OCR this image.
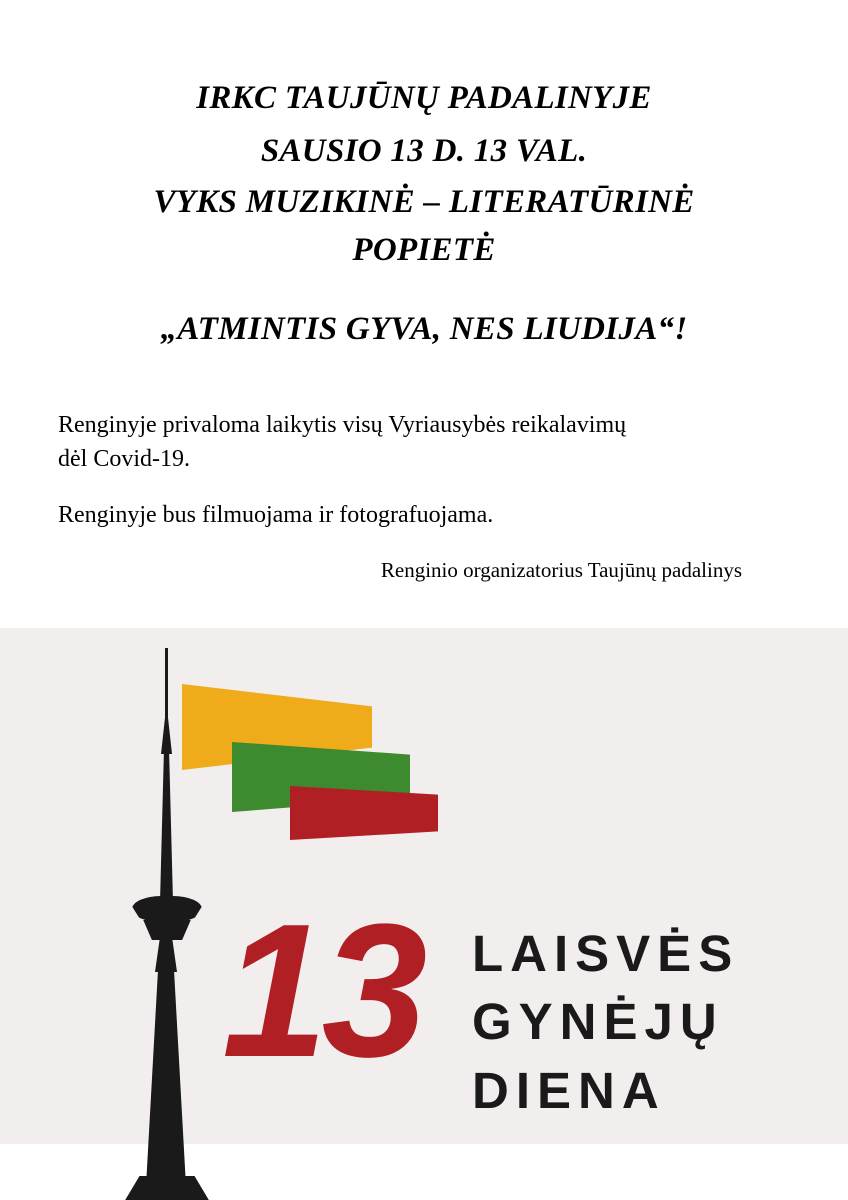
IRKC TAUJŪNŲ PADALINYJE
SAUSIO 13 D. 13 VAL.
VYKS MUZIKINĖ – LITERATŪRINĖ
POPIETĖ
„ATMINTIS GYVA, NES LIUDIJA“!

Renginyje privaloma laikytis visų Vyriausybės reikalavimų dėl Covid-19.

Renginyje bus filmuojama ir fotografuojama.

Renginio organizatorius Taujūnų padalinys
13 LAISVĖS
GYNĖJŲ
DIENA
